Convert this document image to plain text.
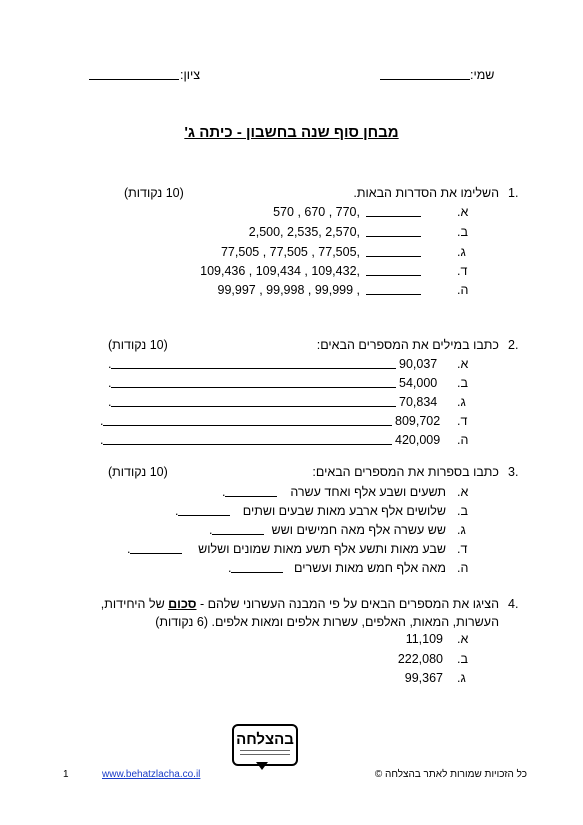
שמי:
ציון:
מבחן סוף שנה בחשבון - כיתה ג'
1.
השלימו את הסדרות הבאות.
(10 נקודות)
א.
570 , 670 , 770,
ב.
2,500, 2,535, 2,570,
ג.
77,505 , 77,505 , 77,505,
ד.
109,436 , 109,434 , 109,432,
ה.
99,997 , 99,998 , 99,999 ,
2.
כתבו במילים את המספרים הבאים:
(10 נקודות)
א.
90,037
.
ב.
54,000
.
ג.
70,834
.
ד.
809,702
.
ה.
420,009
.
3.
כתבו בספרות את המספרים הבאים:
(10 נקודות)
א.
תשעים ושבע אלף ואחד עשרה
.
ב.
שלושים אלף ארבע מאות שבעים ושתים
.
ג.
שש עשרה אלף מאה חמישים ושש
.
ד.
שבע מאות ותשע אלף תשע מאות שמונים ושלוש
.
ה.
מאה אלף חמש מאות ועשרים
.
4.
הציגו את המספרים הבאים על פי המבנה העשרוני שלהם - סכום של היחידות,
העשרות, המאות, האלפים, עשרות אלפים ומאות אלפים. (6 נקודות)
א.
11,109
ב.
222,080
ג.
99,367
בהצלחה
1	www.behatzlacha.co.il	כל הזכויות שמורות לאתר בהצלחה ©
